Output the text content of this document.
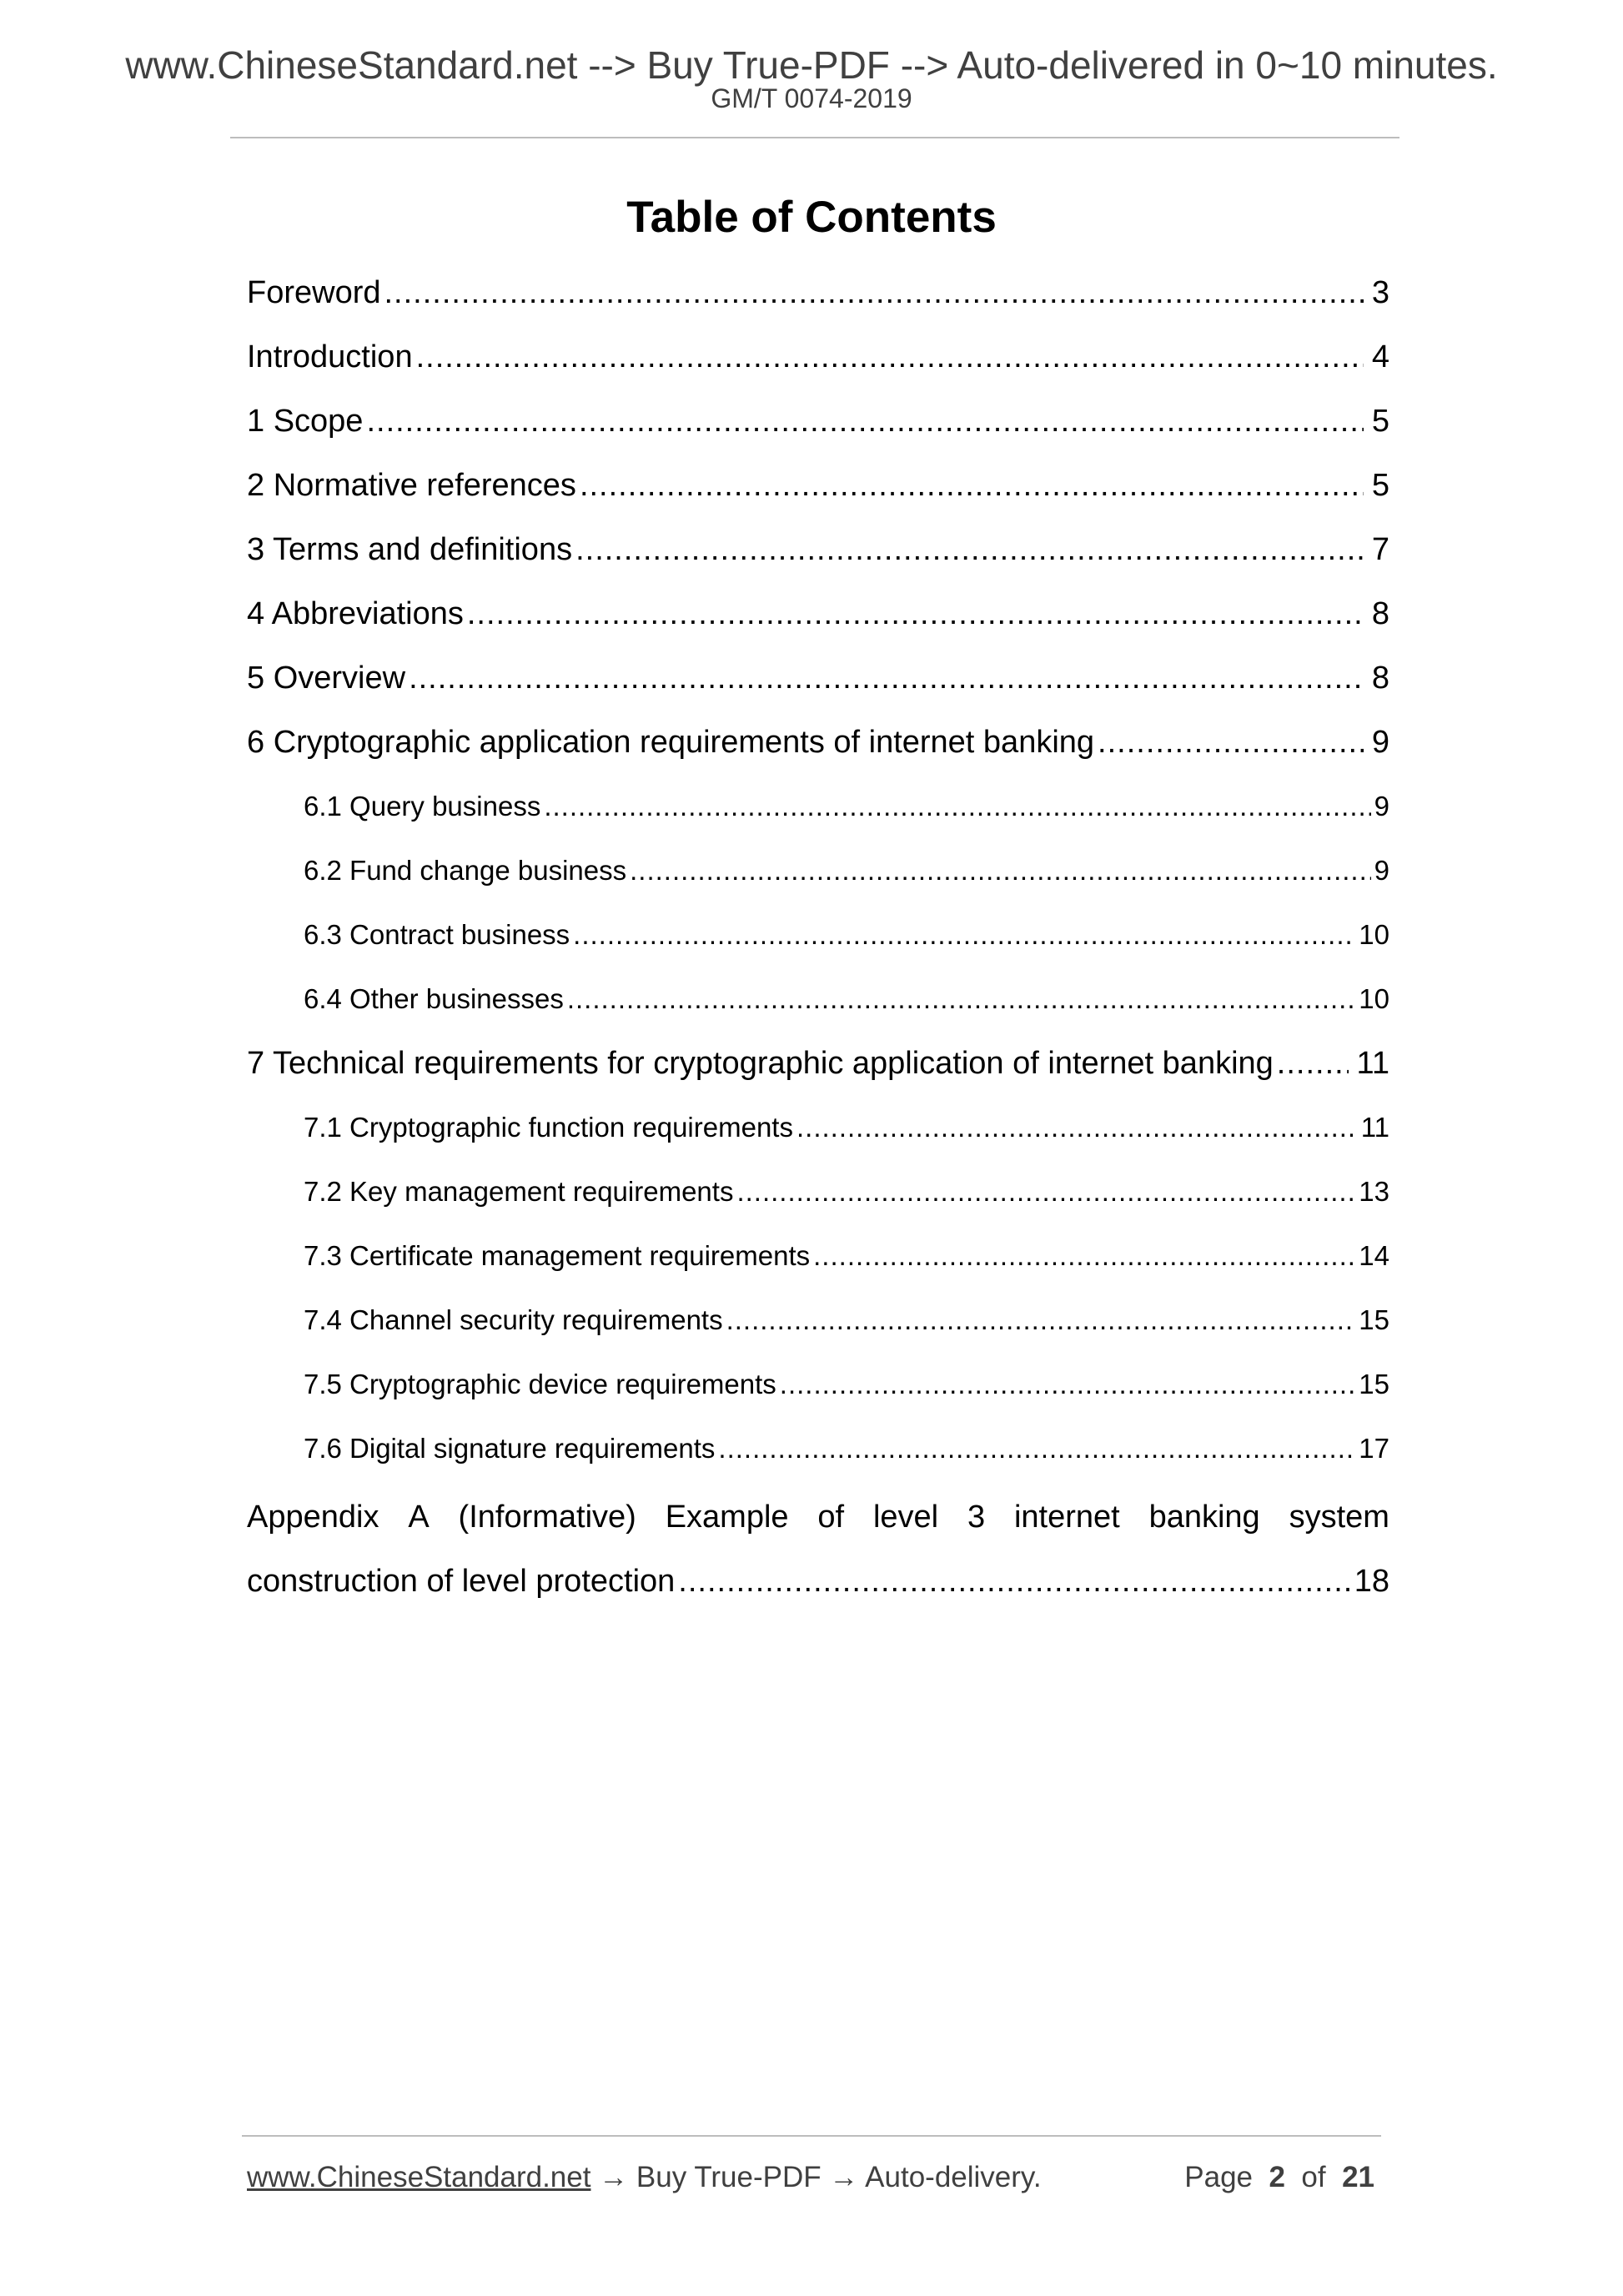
www.ChineseStandard.net --> Buy True-PDF --> Auto-delivered in 0~10 minutes.
GM/T 0074-2019
Table of Contents
Foreword .....	3
Introduction .....	4
1 Scope .....	5
2 Normative references .....	5
3 Terms and definitions .....	7
4 Abbreviations .....	8
5 Overview .....	8
6 Cryptographic application requirements of internet banking .....	9
6.1 Query business .....	9
6.2 Fund change business .....	9
6.3 Contract business .....	10
6.4 Other businesses .....	10
7 Technical requirements for cryptographic application of internet banking .....	11
7.1 Cryptographic function requirements .....	11
7.2 Key management requirements .....	13
7.3 Certificate management requirements .....	14
7.4 Channel security requirements .....	15
7.5 Cryptographic device requirements .....	15
7.6 Digital signature requirements .....	17
Appendix A (Informative) Example of level 3 internet banking system
construction of level protection .....	18
www.ChineseStandard.net → Buy True-PDF → Auto-delivery.	Page 2 of 21
